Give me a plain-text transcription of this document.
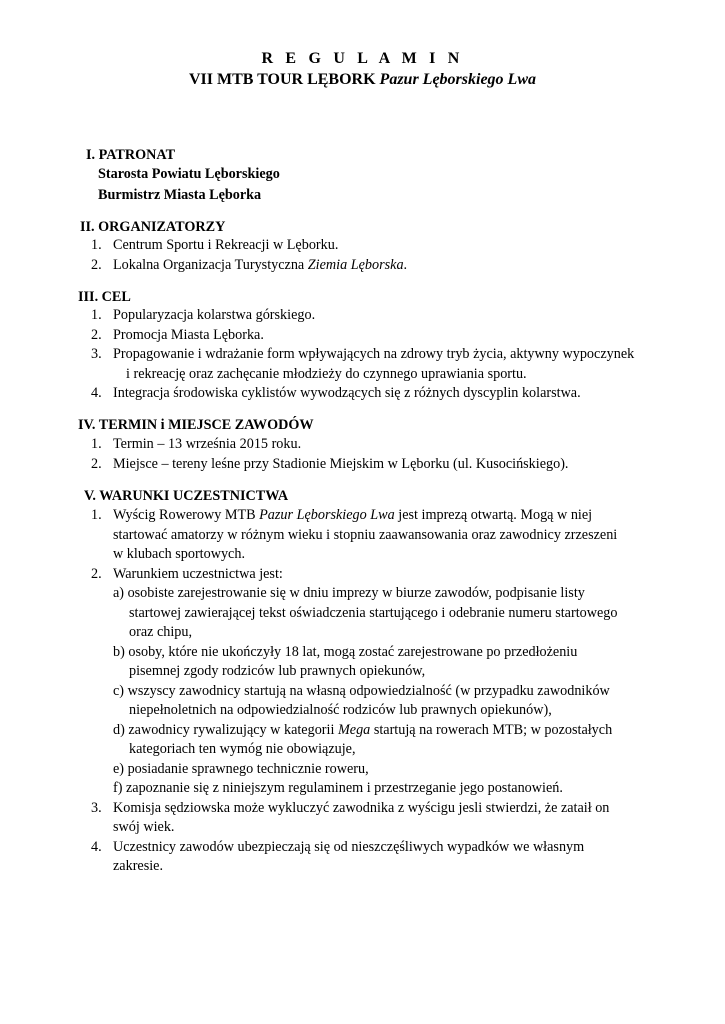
R E G U L A M I N
VII MTB TOUR LĘBORK Pazur Lęborskiego Lwa
I. PATRONAT
Starosta Powiatu Lęborskiego
Burmistrz Miasta Lęborka
II. ORGANIZATORZY
1. Centrum Sportu i Rekreacji w Lęborku.
2. Lokalna Organizacja Turystyczna Ziemia Lęborska.
III. CEL
1. Popularyzacja kolarstwa górskiego.
2. Promocja Miasta Lęborka.
3. Propagowanie i wdrażanie form wpływających na zdrowy tryb życia, aktywny wypoczynek
i rekreację oraz zachęcanie młodzieży do czynnego uprawiania sportu.
4. Integracja środowiska cyklistów wywodzących się z różnych dyscyplin kolarstwa.
IV. TERMIN i MIEJSCE ZAWODÓW
1. Termin – 13 września 2015 roku.
2. Miejsce – tereny leśne przy Stadionie Miejskim w Lęborku (ul. Kusocińskiego).
V. WARUNKI UCZESTNICTWA
1. Wyścig Rowerowy MTB Pazur Lęborskiego Lwa jest imprezą otwartą. Mogą w niej
startować amatorzy w różnym wieku i stopniu zaawansowania oraz zawodnicy zrzeszeni
w klubach sportowych.
2. Warunkiem uczestnictwa jest:
a) osobiste zarejestrowanie się w dniu imprezy w biurze zawodów, podpisanie listy
startowej zawierającej tekst oświadczenia startującego i odebranie numeru startowego
oraz chipu,
b) osoby, które nie ukończyły 18 lat, mogą zostać zarejestrowane po przedłożeniu
pisemnej zgody rodziców lub prawnych opiekunów,
c) wszyscy zawodnicy startują na własną odpowiedzialność (w przypadku zawodników
niepełnoletnich na odpowiedzialność rodziców lub prawnych opiekunów),
d) zawodnicy rywalizujący w kategorii Mega startują na rowerach MTB; w pozostałych
kategoriach ten wymóg nie obowiązuje,
e) posiadanie sprawnego technicznie roweru,
f) zapoznanie się z niniejszym regulaminem i przestrzeganie jego postanowień.
3. Komisja sędziowska może wykluczyć zawodnika z wyścigu jesli stwierdzi, że zataił on
swój wiek.
4. Uczestnicy zawodów ubezpieczają się od nieszczęśliwych wypadków we własnym
zakresie.
